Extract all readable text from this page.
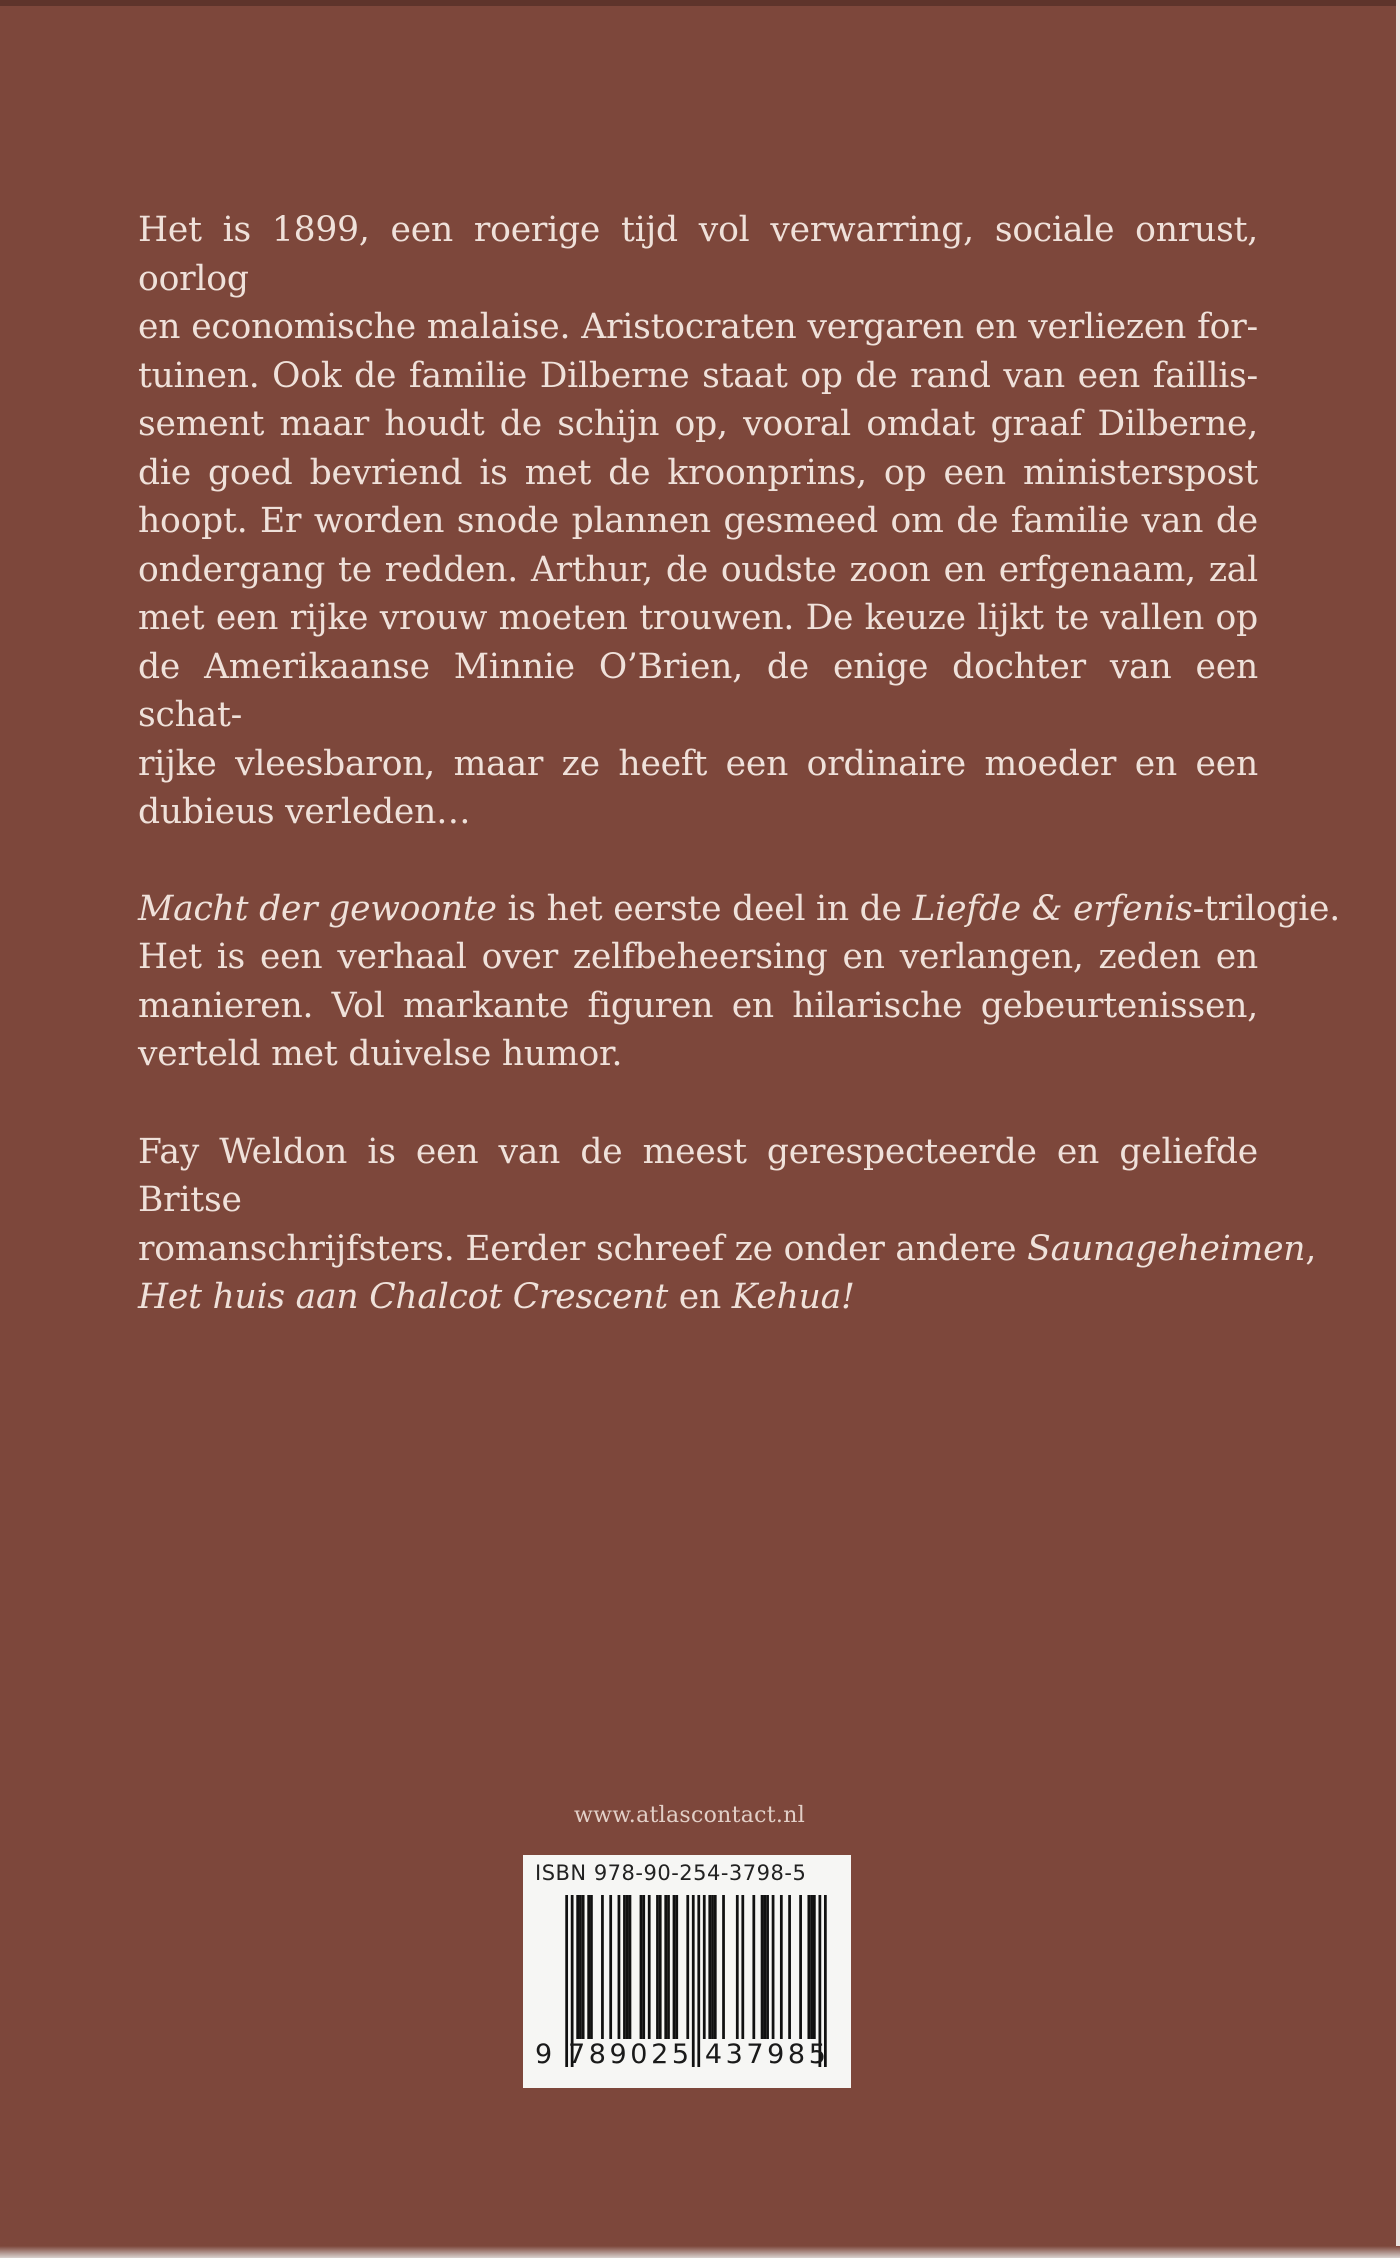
Het is 1899, een roerige tijd vol verwarring, sociale onrust, oorlog
en economische malaise. Aristocraten vergaren en verliezen for-
tuinen. Ook de familie Dilberne staat op de rand van een faillis-
sement maar houdt de schijn op, vooral omdat graaf Dilberne,
die goed bevriend is met de kroonprins, op een ministerspost
hoopt. Er worden snode plannen gesmeed om de familie van de
ondergang te redden. Arthur, de oudste zoon en erfgenaam, zal
met een rijke vrouw moeten trouwen. De keuze lijkt te vallen op
de Amerikaanse Minnie O’Brien, de enige dochter van een schat-
rijke vleesbaron, maar ze heeft een ordinaire moeder en een
dubieus verleden…

Macht der gewoonte is het eerste deel in de Liefde & erfenis-trilogie.
Het is een verhaal over zelfbeheersing en verlangen, zeden en
manieren. Vol markante figuren en hilarische gebeurtenissen,
verteld met duivelse humor.

Fay Weldon is een van de meest gerespecteerde en geliefde Britse
romanschrijfsters. Eerder schreef ze onder andere Saunageheimen,
Het huis aan Chalcot Crescent en Kehua!

www.atlascontact.nl
ISBN 978-90-254-3798-5
9 789025 437985
